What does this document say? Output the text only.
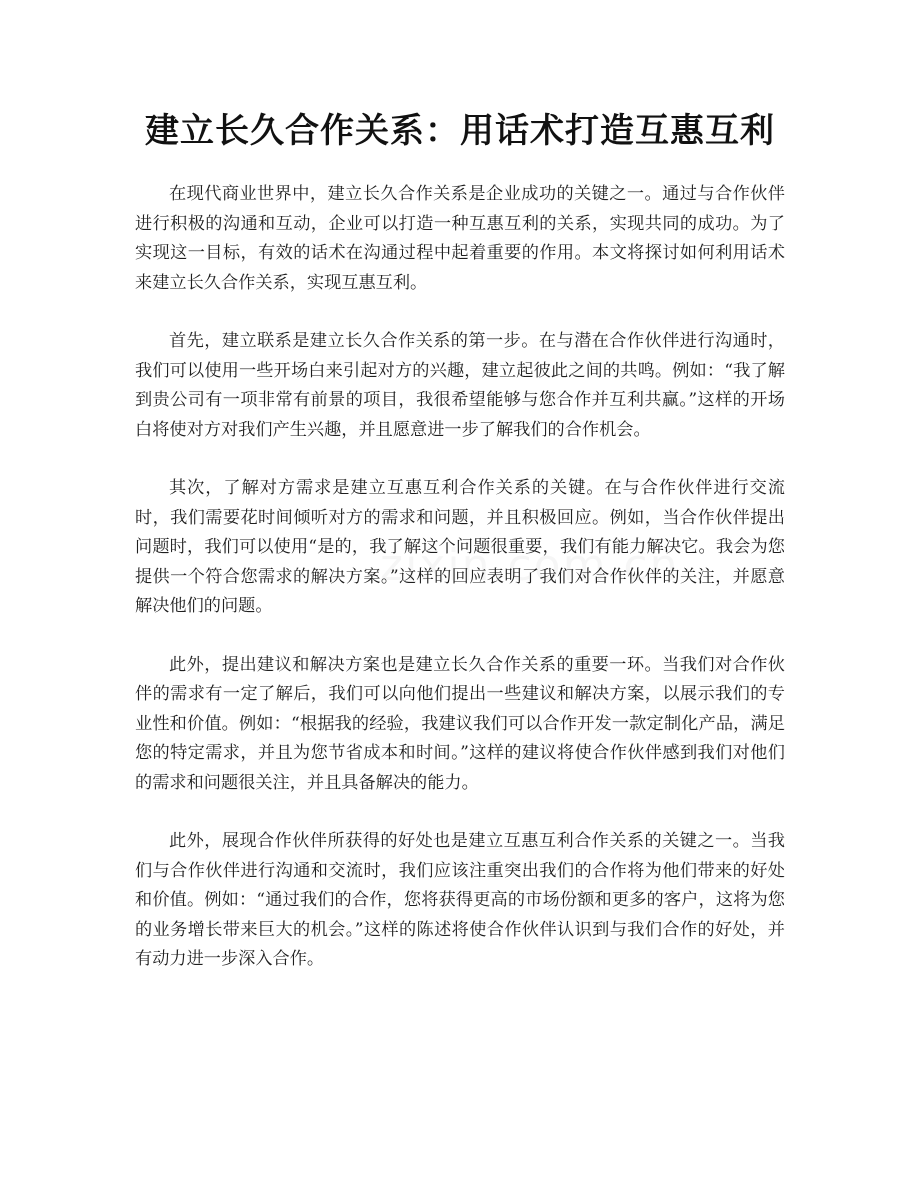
建立长久合作关系：用话术打造互惠互利

在现代商业世界中，建立长久合作关系是企业成功的关键之一。通过与合作伙伴进行积极的沟通和互动，企业可以打造一种互惠互利的关系，实现共同的成功。为了实现这一目标，有效的话术在沟通过程中起着重要的作用。本文将探讨如何利用话术来建立长久合作关系，实现互惠互利。

首先，建立联系是建立长久合作关系的第一步。在与潜在合作伙伴进行沟通时，我们可以使用一些开场白来引起对方的兴趣，建立起彼此之间的共鸣。例如：“我了解到贵公司有一项非常有前景的项目，我很希望能够与您合作并互利共赢。”这样的开场白将使对方对我们产生兴趣，并且愿意进一步了解我们的合作机会。

其次，了解对方需求是建立互惠互利合作关系的关键。在与合作伙伴进行交流时，我们需要花时间倾听对方的需求和问题，并且积极回应。例如，当合作伙伴提出问题时，我们可以使用“是的，我了解这个问题很重要，我们有能力解决它。我会为您提供一个符合您需求的解决方案。”这样的回应表明了我们对合作伙伴的关注，并愿意解决他们的问题。

此外，提出建议和解决方案也是建立长久合作关系的重要一环。当我们对合作伙伴的需求有一定了解后，我们可以向他们提出一些建议和解决方案，以展示我们的专业性和价值。例如：“根据我的经验，我建议我们可以合作开发一款定制化产品，满足您的特定需求，并且为您节省成本和时间。”这样的建议将使合作伙伴感到我们对他们的需求和问题很关注，并且具备解决的能力。

此外，展现合作伙伴所获得的好处也是建立互惠互利合作关系的关键之一。当我们与合作伙伴进行沟通和交流时，我们应该注重突出我们的合作将为他们带来的好处和价值。例如：“通过我们的合作，您将获得更高的市场份额和更多的客户，这将为您的业务增长带来巨大的机会。”这样的陈述将使合作伙伴认识到与我们合作的好处，并有动力进一步深入合作。
